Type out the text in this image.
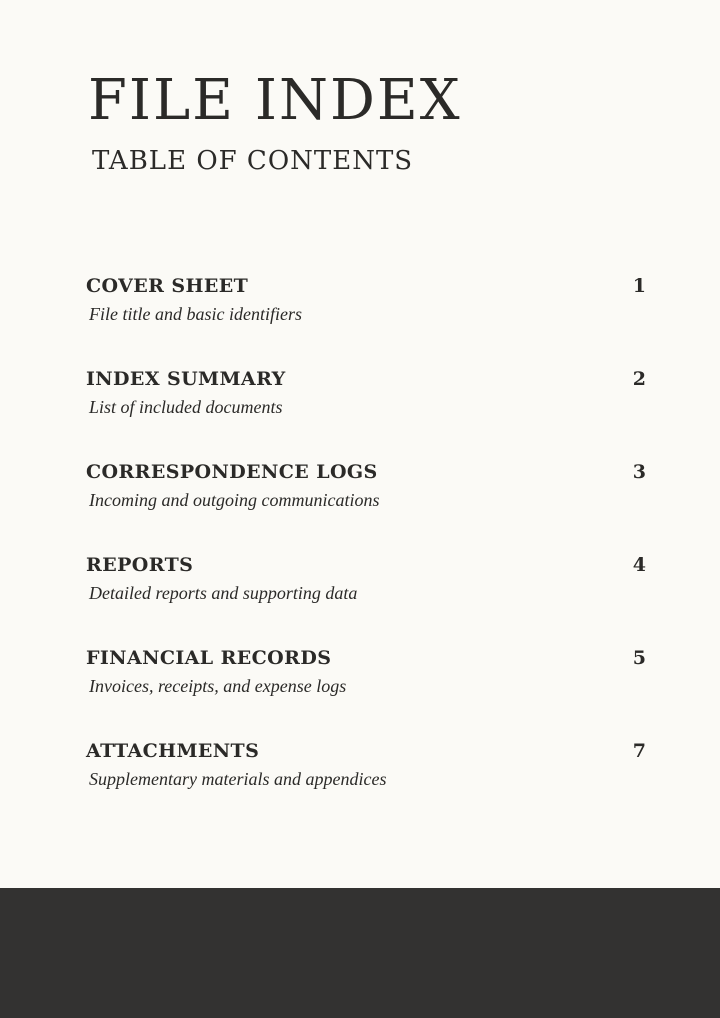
FILE INDEX
TABLE OF CONTENTS
COVER SHEET
File title and basic identifiers
1
INDEX SUMMARY
List of included documents
2
CORRESPONDENCE LOGS
Incoming and outgoing communications
3
REPORTS
Detailed reports and supporting data
4
FINANCIAL RECORDS
Invoices, receipts, and expense logs
5
ATTACHMENTS
Supplementary materials and appendices
7
